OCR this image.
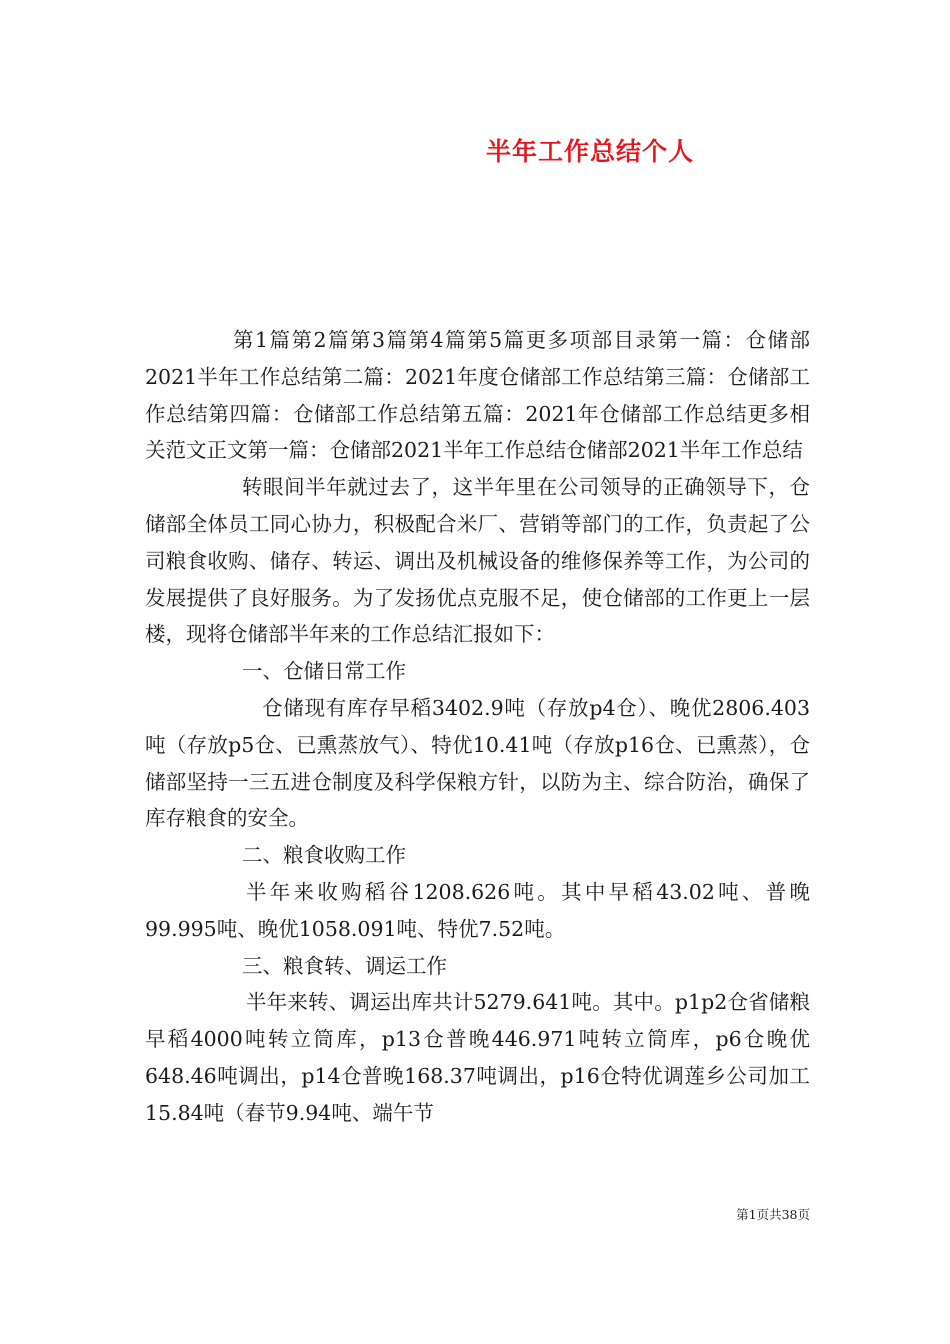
半年工作总结个人

第1篇第2篇第3篇第4篇第5篇更多项部目录第一篇：仓储部2021半年工作总结第二篇：2021年度仓储部工作总结第三篇：仓储部工作总结第四篇：仓储部工作总结第五篇：2021年仓储部工作总结更多相关范文正文第一篇：仓储部2021半年工作总结仓储部2021半年工作总结

转眼间半年就过去了，这半年里在公司领导的正确领导下，仓储部全体员工同心协力，积极配合米厂、营销等部门的工作，负责起了公司粮食收购、储存、转运、调出及机械设备的维修保养等工作，为公司的发展提供了良好服务。为了发扬优点克服不足，使仓储部的工作更上一层楼，现将仓储部半年来的工作总结汇报如下：

一、仓储日常工作

仓储现有库存早稻3402.9吨（存放p4仓）、晚优2806.403吨（存放p5仓、已熏蒸放气）、特优10.41吨（存放p16仓、已熏蒸），仓储部坚持一三五进仓制度及科学保粮方针，以防为主、综合防治，确保了库存粮食的安全。

二、粮食收购工作

半年来收购稻谷1208.626吨。其中早稻43.02吨、普晚99.995吨、晚优1058.091吨、特优7.52吨。

三、粮食转、调运工作

半年来转、调运出库共计5279.641吨。其中。p1p2仓省储粮早稻4000吨转立筒库，p13仓普晚446.971吨转立筒库，p6仓晚优648.46吨调出，p14仓普晚168.37吨调出，p16仓特优调莲乡公司加工15.84吨（春节9.94吨、端午节

第1页共38页
